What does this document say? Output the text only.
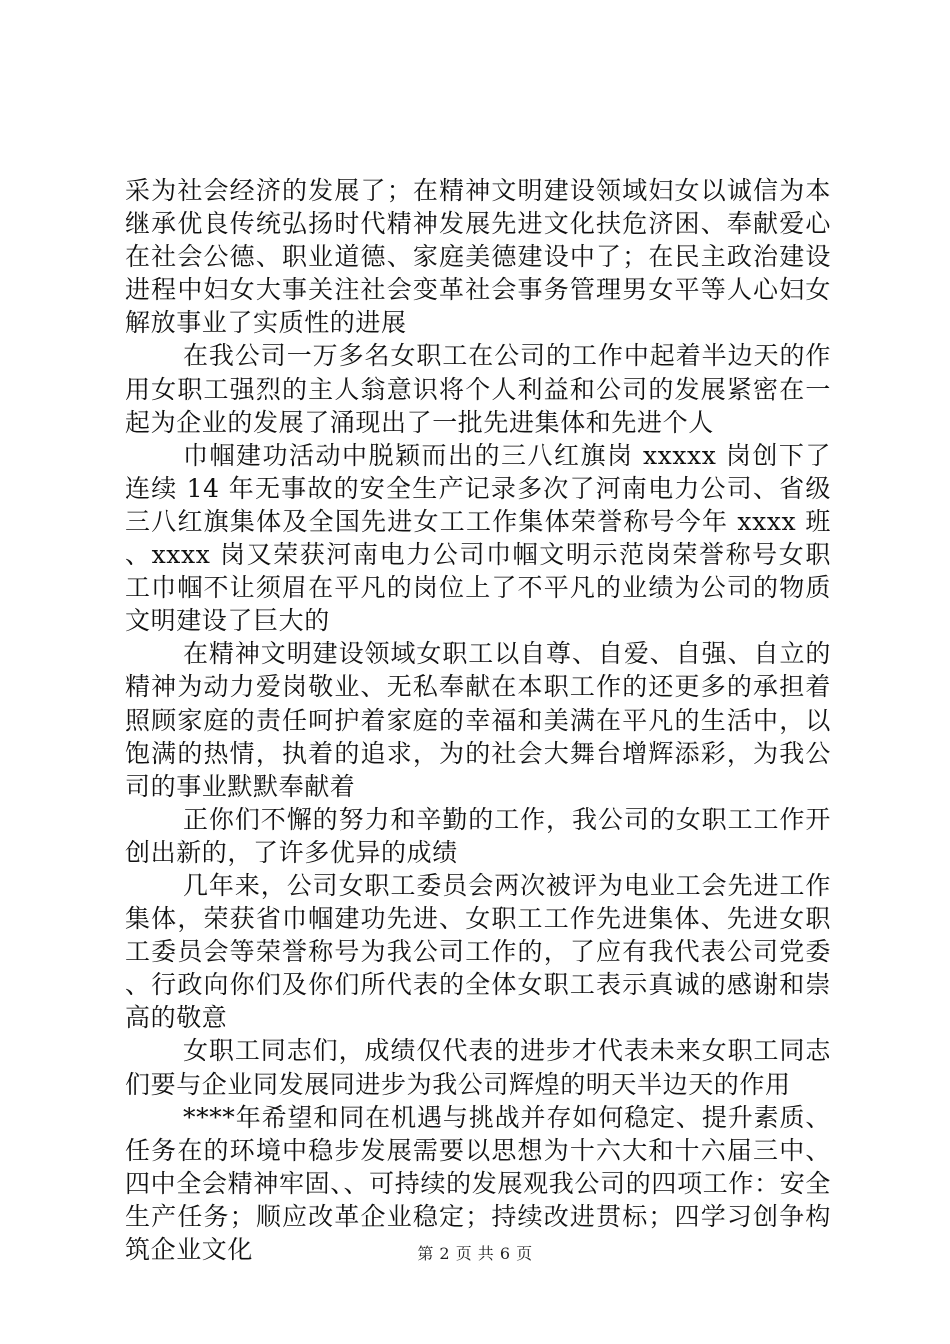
采为社会经济的发展了；在精神文明建设领域妇女以诚信为本继承优良传统弘扬时代精神发展先进文化扶危济困、奉献爱心在社会公德、职业道德、家庭美德建设中了；在民主政治建设进程中妇女大事关注社会变革社会事务管理男女平等人心妇女解放事业了实质性的进展

在我公司一万多名女职工在公司的工作中起着半边天的作用女职工强烈的主人翁意识将个人利益和公司的发展紧密在一起为企业的发展了涌现出了一批先进集体和先进个人

巾帼建功活动中脱颖而出的三八红旗岗 xxxxx 岗创下了连续 14 年无事故的安全生产记录多次了河南电力公司、省级三八红旗集体及全国先进女工工作集体荣誉称号今年 xxxx 班、xxxx 岗又荣获河南电力公司巾帼文明示范岗荣誉称号女职工巾帼不让须眉在平凡的岗位上了不平凡的业绩为公司的物质文明建设了巨大的

在精神文明建设领域女职工以自尊、自爱、自强、自立的精神为动力爱岗敬业、无私奉献在本职工作的还更多的承担着照顾家庭的责任呵护着家庭的幸福和美满在平凡的生活中，以饱满的热情，执着的追求，为的社会大舞台增辉添彩，为我公司的事业默默奉献着

正你们不懈的努力和辛勤的工作，我公司的女职工工作开创出新的，了许多优异的成绩

几年来，公司女职工委员会两次被评为电业工会先进工作集体，荣获省巾帼建功先进、女职工工作先进集体、先进女职工委员会等荣誉称号为我公司工作的，了应有我代表公司党委、行政向你们及你们所代表的全体女职工表示真诚的感谢和崇高的敬意

女职工同志们，成绩仅代表的进步才代表未来女职工同志们要与企业同发展同进步为我公司辉煌的明天半边天的作用

****年希望和同在机遇与挑战并存如何稳定、提升素质、任务在的环境中稳步发展需要以思想为十六大和十六届三中、四中全会精神牢固、、可持续的发展观我公司的四项工作：安全生产任务；顺应改革企业稳定；持续改进贯标；四学习创争构筑企业文化	第 2 页 共 6 页
